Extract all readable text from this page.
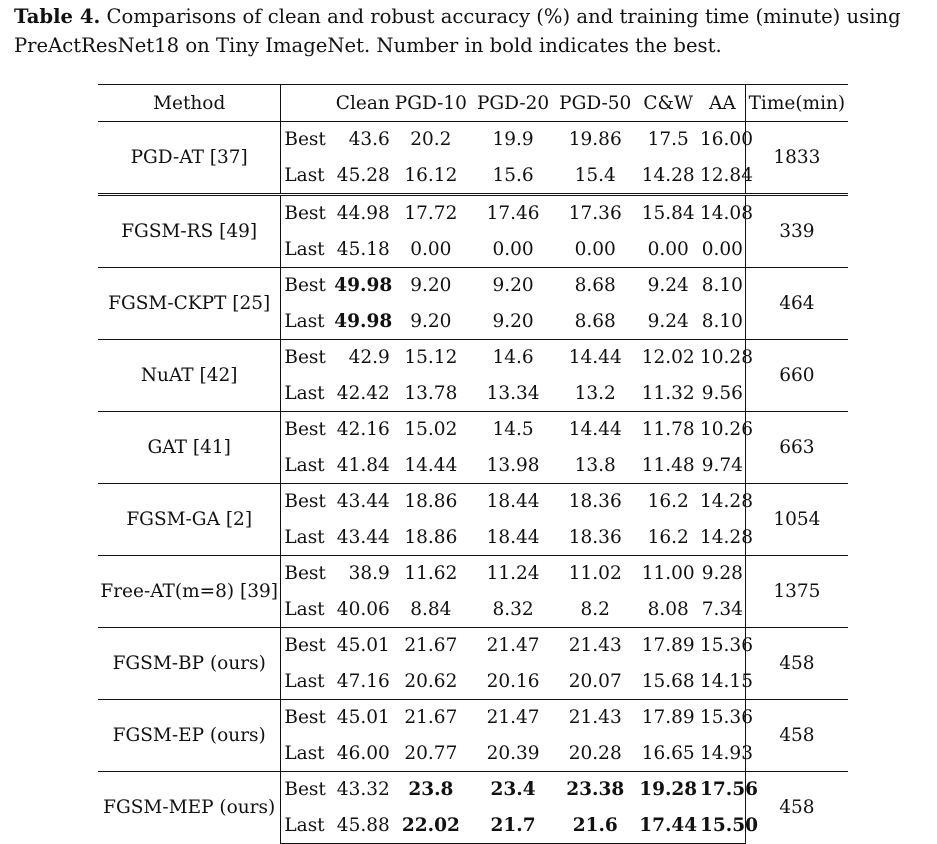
Table 4. Comparisons of clean and robust accuracy (%) and training time (minute) using PreActResNet18 on Tiny ImageNet. Number in bold indicates the best.

Method		Clean	PGD-10	PGD-20	PGD-50	C&W	AA	Time(min)
PGD-AT [37]	Best	43.6	20.2	19.9	19.86	17.5	16.00	1833
	Last	45.28	16.12	15.6	15.4	14.28	12.84	
FGSM-RS [49]	Best	44.98	17.72	17.46	17.36	15.84	14.08	339
	Last	45.18	0.00	0.00	0.00	0.00	0.00	
FGSM-CKPT [25]	Best	49.98	9.20	9.20	8.68	9.24	8.10	464
	Last	49.98	9.20	9.20	8.68	9.24	8.10	
NuAT [42]	Best	42.9	15.12	14.6	14.44	12.02	10.28	660
	Last	42.42	13.78	13.34	13.2	11.32	9.56	
GAT [41]	Best	42.16	15.02	14.5	14.44	11.78	10.26	663
	Last	41.84	14.44	13.98	13.8	11.48	9.74	
FGSM-GA [2]	Best	43.44	18.86	18.44	18.36	16.2	14.28	1054
	Last	43.44	18.86	18.44	18.36	16.2	14.28	
Free-AT(m=8) [39]	Best	38.9	11.62	11.24	11.02	11.00	9.28	1375
	Last	40.06	8.84	8.32	8.2	8.08	7.34	
FGSM-BP (ours)	Best	45.01	21.67	21.47	21.43	17.89	15.36	458
	Last	47.16	20.62	20.16	20.07	15.68	14.15	
FGSM-EP (ours)	Best	45.01	21.67	21.47	21.43	17.89	15.36	458
	Last	46.00	20.77	20.39	20.28	16.65	14.93	
FGSM-MEP (ours)	Best	43.32	23.8	23.4	23.38	19.28	17.56	458
	Last	45.88	22.02	21.7	21.6	17.44	15.50	
